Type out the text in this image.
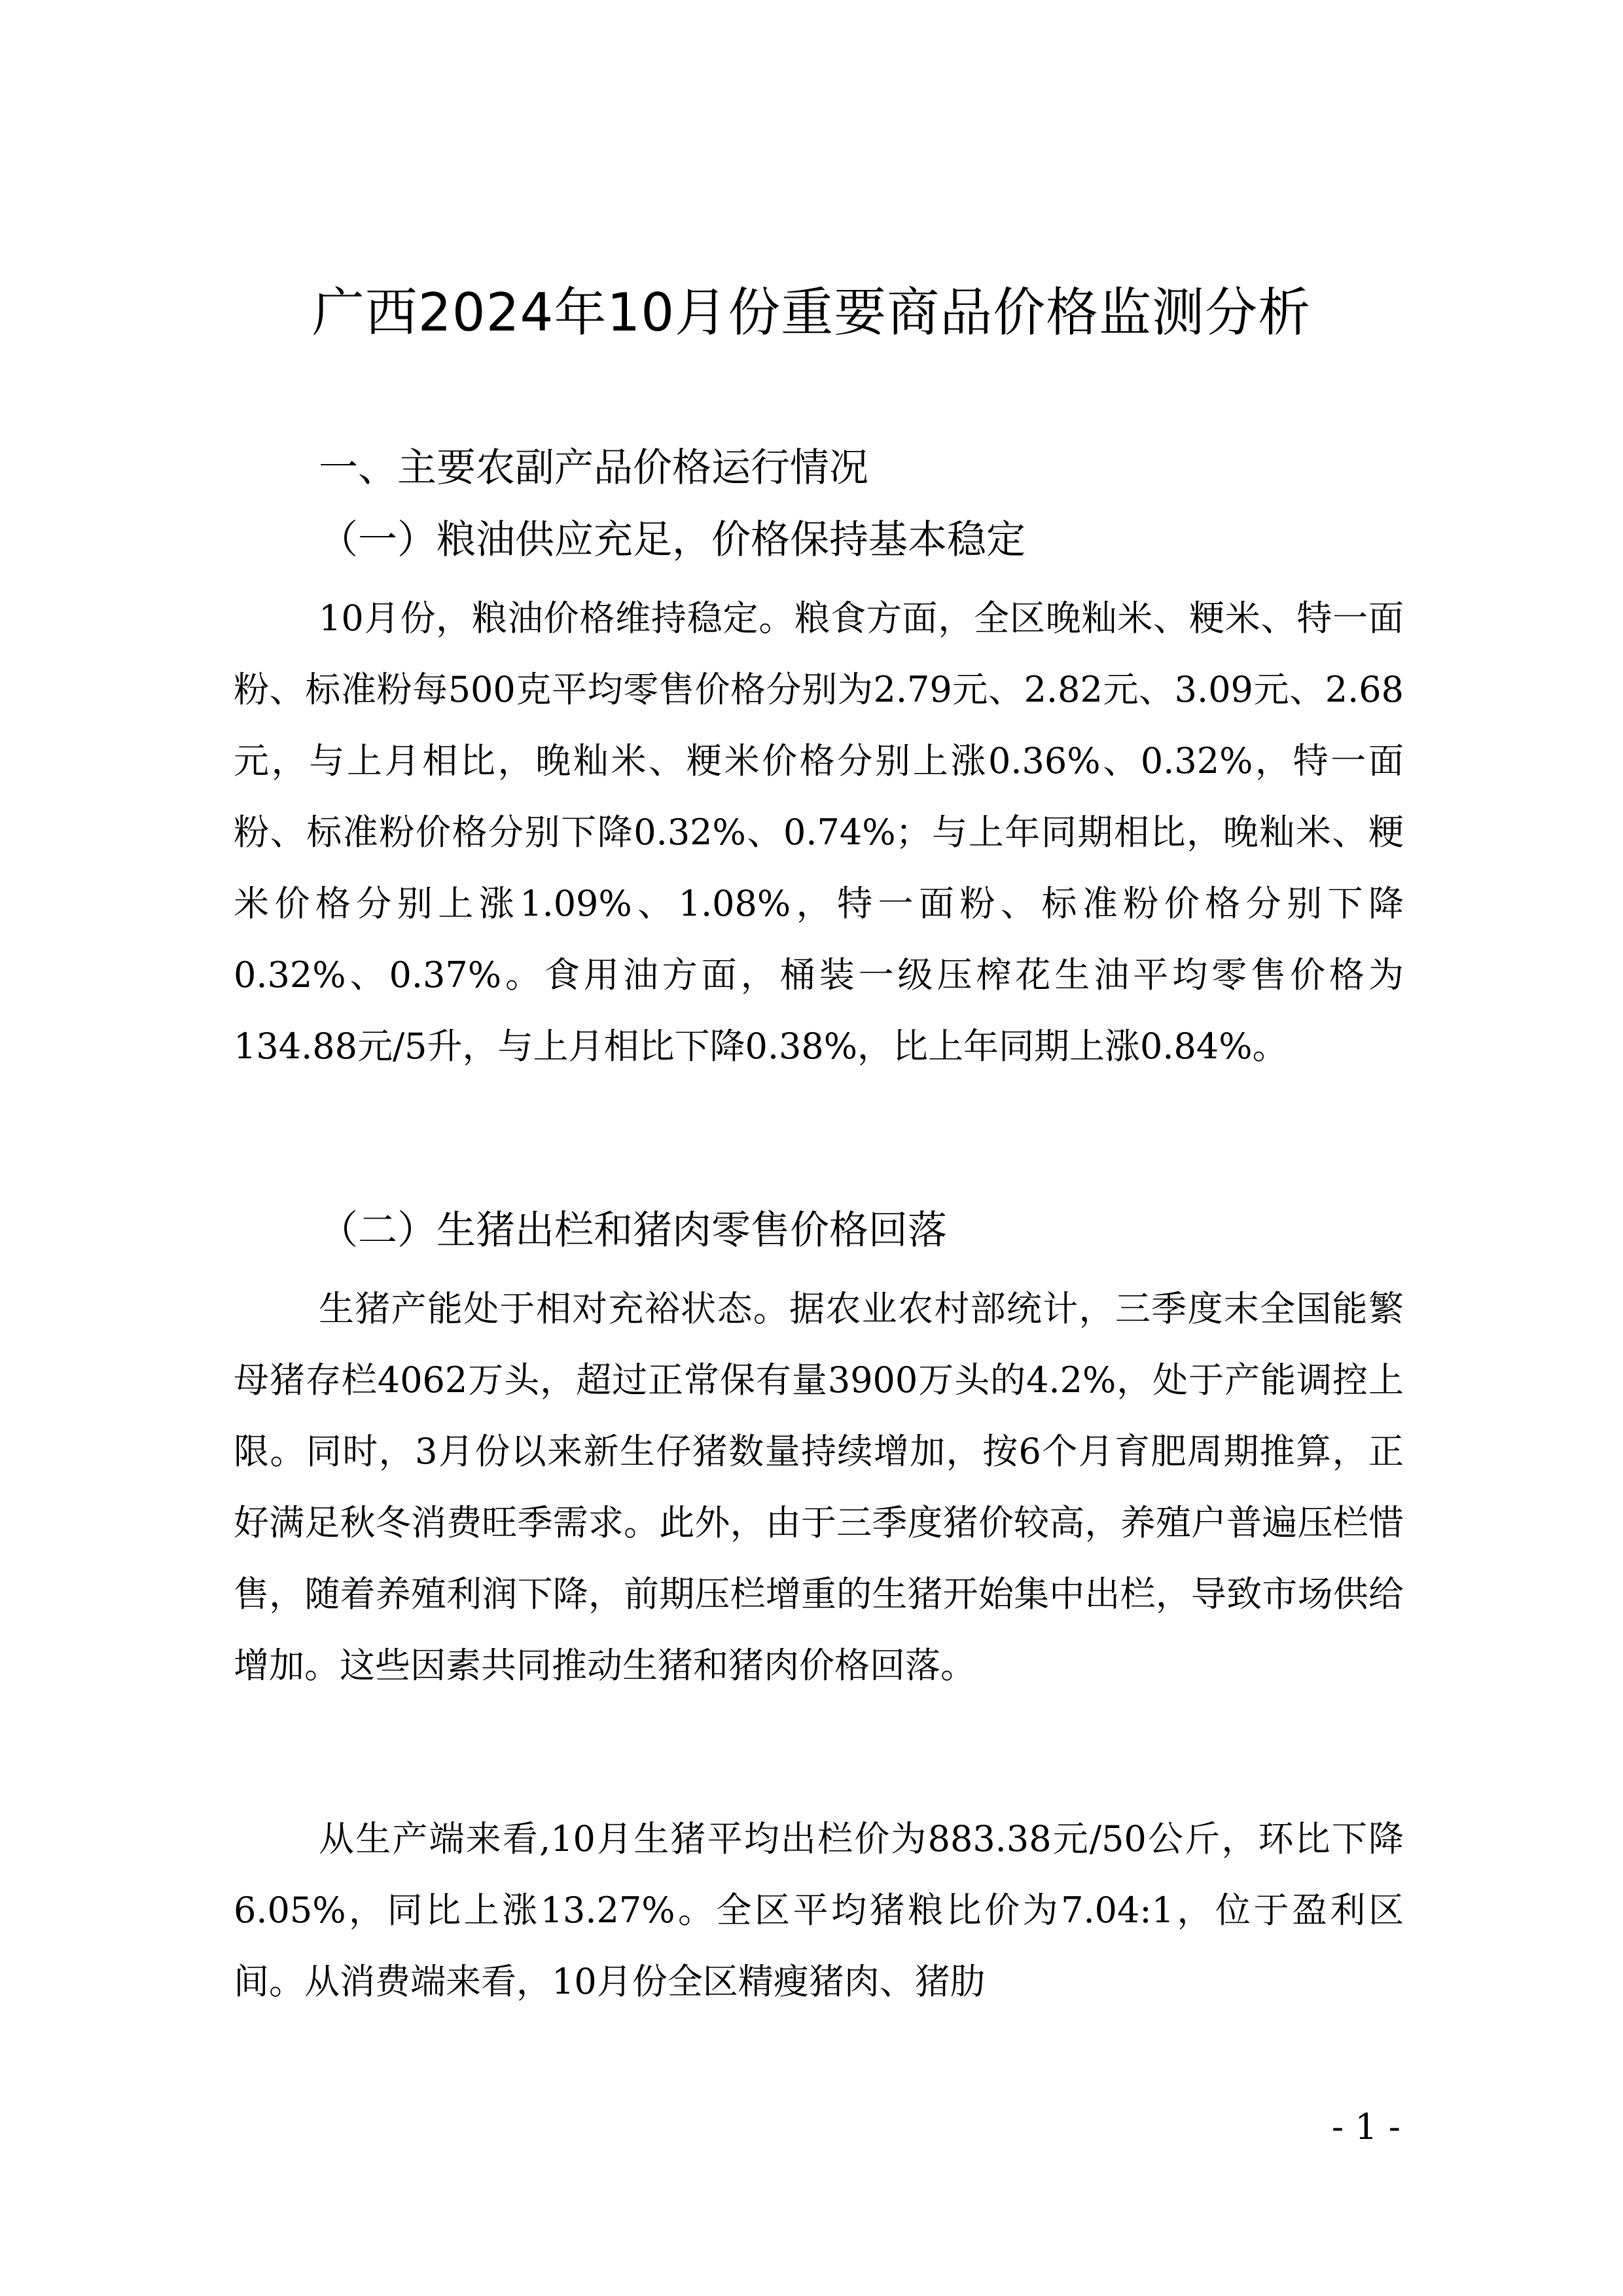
广西2024年10月份重要商品价格监测分析
一、主要农副产品价格运行情况
（一）粮油供应充足，价格保持基本稳定

10月份，粮油价格维持稳定。粮食方面，全区晚籼米、粳米、特一面粉、标准粉每500克平均零售价格分别为2.79元、2.82元、3.09元、2.68元，与上月相比，晚籼米、粳米价格分别上涨0.36%、0.32%，特一面粉、标准粉价格分别下降0.32%、0.74%；与上年同期相比，晚籼米、粳米价格分别上涨1.09%、1.08%，特一面粉、标准粉价格分别下降0.32%、0.37%。食用油方面，桶装一级压榨花生油平均零售价格为134.88元/5升，与上月相比下降0.38%，比上年同期上涨0.84%。

（二）生猪出栏和猪肉零售价格回落

生猪产能处于相对充裕状态。据农业农村部统计，三季度末全国能繁母猪存栏4062万头，超过正常保有量3900万头的4.2%，处于产能调控上限。同时，3月份以来新生仔猪数量持续增加，按6个月育肥周期推算，正好满足秋冬消费旺季需求。此外，由于三季度猪价较高，养殖户普遍压栏惜售，随着养殖利润下降，前期压栏增重的生猪开始集中出栏，导致市场供给增加。这些因素共同推动生猪和猪肉价格回落。

从生产端来看,10月生猪平均出栏价为883.38元/50公斤，环比下降6.05%，同比上涨13.27%。全区平均猪粮比价为7.04:1，位于盈利区间。从消费端来看，10月份全区精瘦猪肉、猪肋

- 1 -
